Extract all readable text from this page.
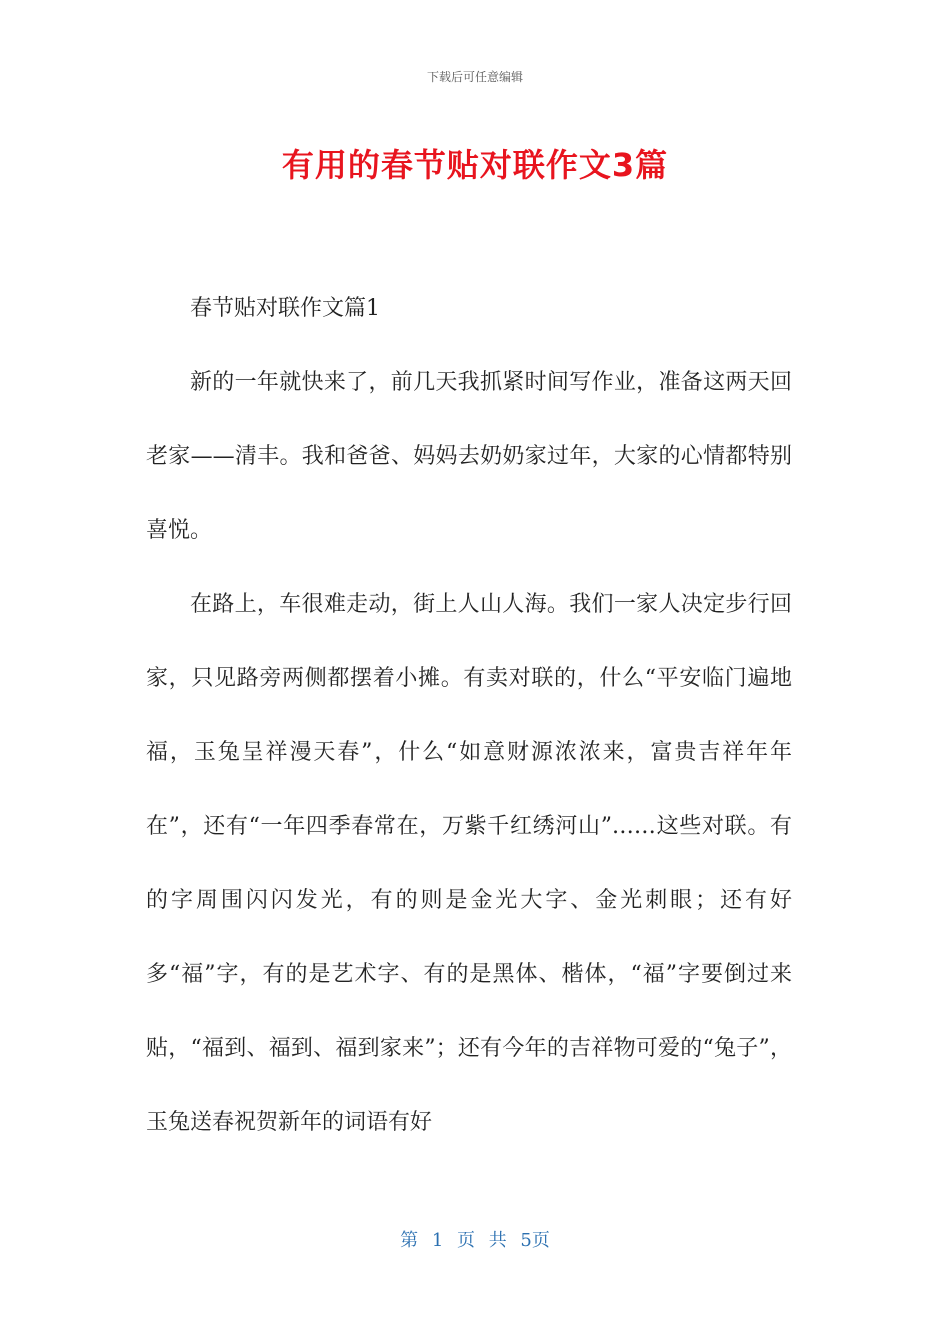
下载后可任意编辑
有用的春节贴对联作文3篇

春节贴对联作文篇1

新的一年就快来了，前几天我抓紧时间写作业，准备这两天回老家——清丰。我和爸爸、妈妈去奶奶家过年，大家的心情都特别喜悦。

在路上，车很难走动，街上人山人海。我们一家人决定步行回家，只见路旁两侧都摆着小摊。有卖对联的，什么“平安临门遍地福，玉兔呈祥漫天春”，什么“如意财源浓浓来，富贵吉祥年年在”，还有“一年四季春常在，万紫千红绣河山”……这些对联。有的字周围闪闪发光，有的则是金光大字、金光刺眼；还有好多“福”字，有的是艺术字、有的是黑体、楷体，“福”字要倒过来贴，“福到、福到、福到家来”；还有今年的吉祥物可爱的“兔子”，玉兔送春祝贺新年的词语有好

第 1 页 共 5页
